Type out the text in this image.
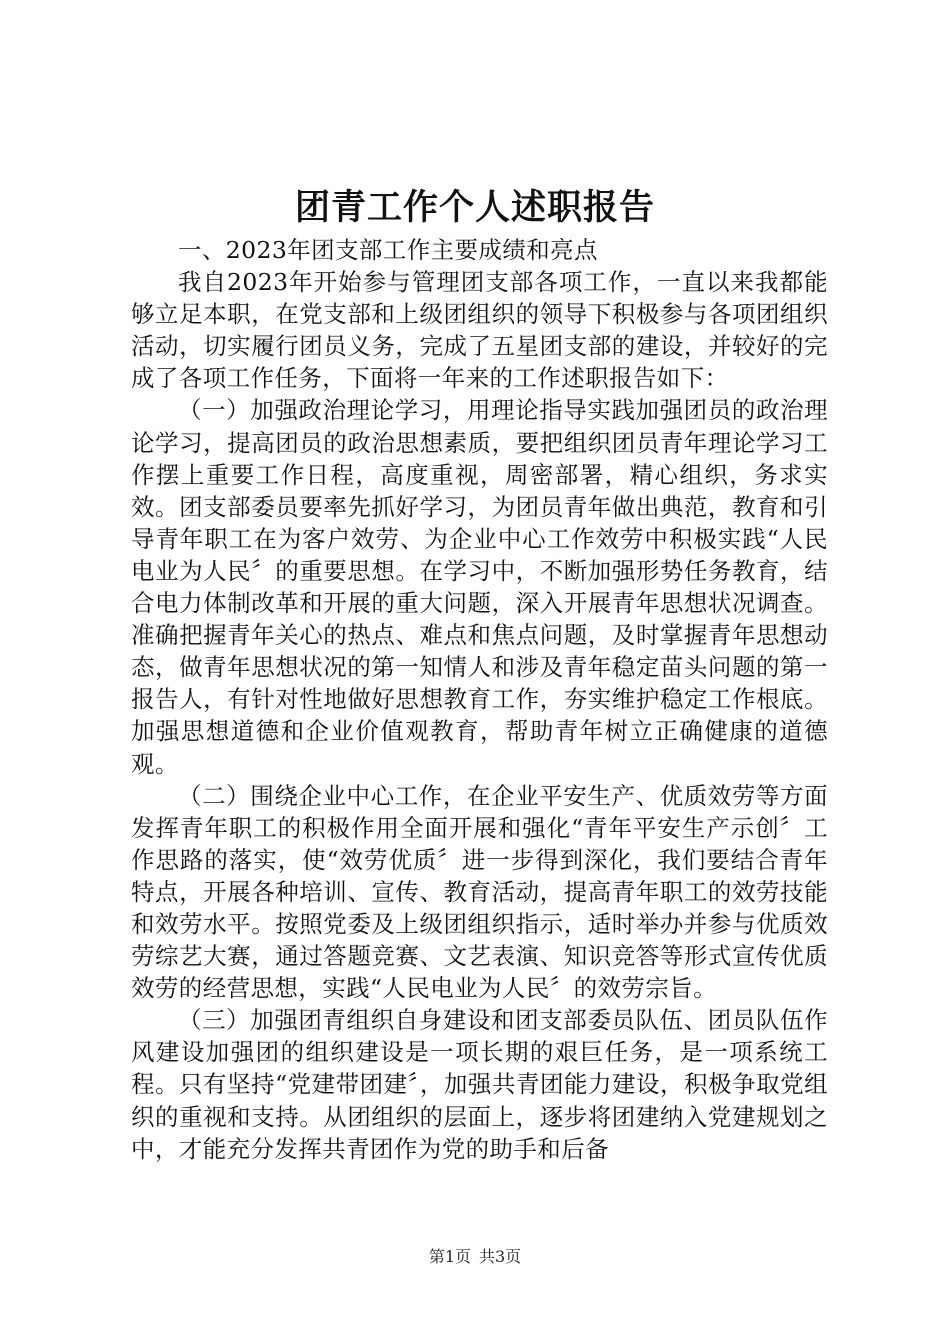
团青工作个人述职报告

一、2023年团支部工作主要成绩和亮点

我自2023年开始参与管理团支部各项工作，一直以来我都能够立足本职，在党支部和上级团组织的领导下积极参与各项团组织活动，切实履行团员义务，完成了五星团支部的建设，并较好的完成了各项工作任务，下面将一年来的工作述职报告如下：

（一）加强政治理论学习，用理论指导实践加强团员的政治理论学习，提高团员的政治思想素质，要把组织团员青年理论学习工作摆上重要工作日程，高度重视，周密部署，精心组织，务求实效。团支部委员要率先抓好学习，为团员青年做出典范，教育和引导青年职工在为客户效劳、为企业中心工作效劳中积极实践“人民电业为人民〞的重要思想。在学习中，不断加强形势任务教育，结合电力体制改革和开展的重大问题，深入开展青年思想状况调查。准确把握青年关心的热点、难点和焦点问题，及时掌握青年思想动态，做青年思想状况的第一知情人和涉及青年稳定苗头问题的第一报告人，有针对性地做好思想教育工作，夯实维护稳定工作根底。加强思想道德和企业价值观教育，帮助青年树立正确健康的道德观。

（二）围绕企业中心工作，在企业平安生产、优质效劳等方面发挥青年职工的积极作用全面开展和强化“青年平安生产示创〞工作思路的落实，使“效劳优质〞进一步得到深化，我们要结合青年特点，开展各种培训、宣传、教育活动，提高青年职工的效劳技能和效劳水平。按照党委及上级团组织指示，适时举办并参与优质效劳综艺大赛，通过答题竞赛、文艺表演、知识竞答等形式宣传优质效劳的经营思想，实践“人民电业为人民〞的效劳宗旨。

（三）加强团青组织自身建设和团支部委员队伍、团员队伍作风建设加强团的组织建设是一项长期的艰巨任务，是一项系统工程。只有坚持“党建带团建〞，加强共青团能力建设，积极争取党组织的重视和支持。从团组织的层面上，逐步将团建纳入党建规划之中，才能充分发挥共青团作为党的助手和后备

第1页 共3页
